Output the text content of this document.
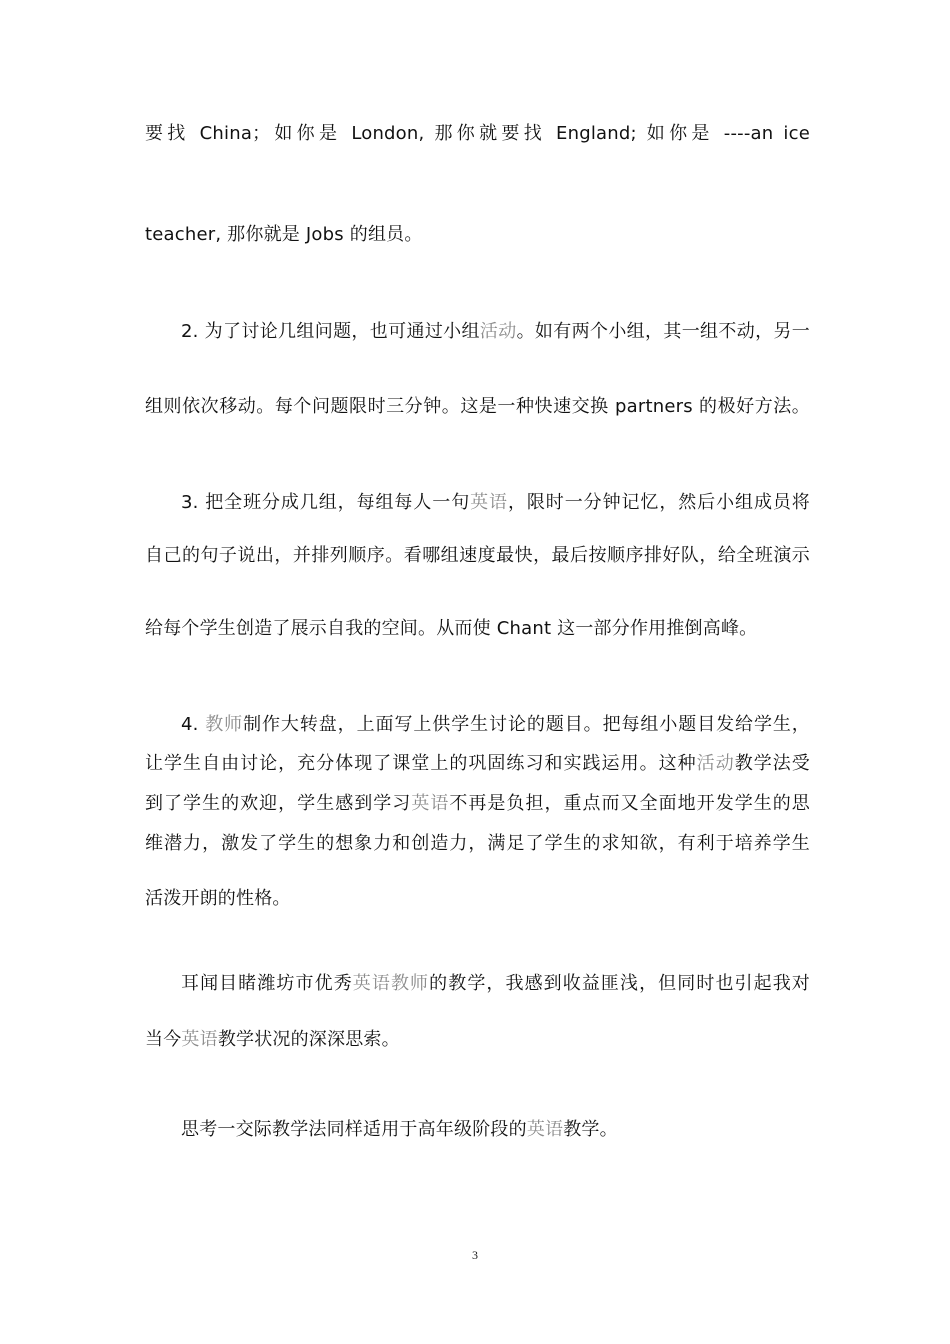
要找 China；如你是 London, 那你就要找 England; 如你是 ----an ice
teacher, 那你就是 Jobs 的组员。
2. 为了讨论几组问题，也可通过小组活动。如有两个小组，其一组不动，另一
组则依次移动。每个问题限时三分钟。这是一种快速交换 partners 的极好方法。
3. 把全班分成几组，每组每人一句英语，限时一分钟记忆，然后小组成员将
自己的句子说出，并排列顺序。看哪组速度最快，最后按顺序排好队，给全班演示
给每个学生创造了展示自我的空间。从而使 Chant 这一部分作用推倒高峰。
4. 教师制作大转盘，上面写上供学生讨论的题目。把每组小题目发给学生，
让学生自由讨论，充分体现了课堂上的巩固练习和实践运用。这种活动教学法受
到了学生的欢迎，学生感到学习英语不再是负担，重点而又全面地开发学生的思
维潜力，激发了学生的想象力和创造力，满足了学生的求知欲，有利于培养学生
活泼开朗的性格。
耳闻目睹潍坊市优秀英语教师的教学，我感到收益匪浅，但同时也引起我对
当今英语教学状况的深深思索。
思考一交际教学法同样适用于高年级阶段的英语教学。
3
